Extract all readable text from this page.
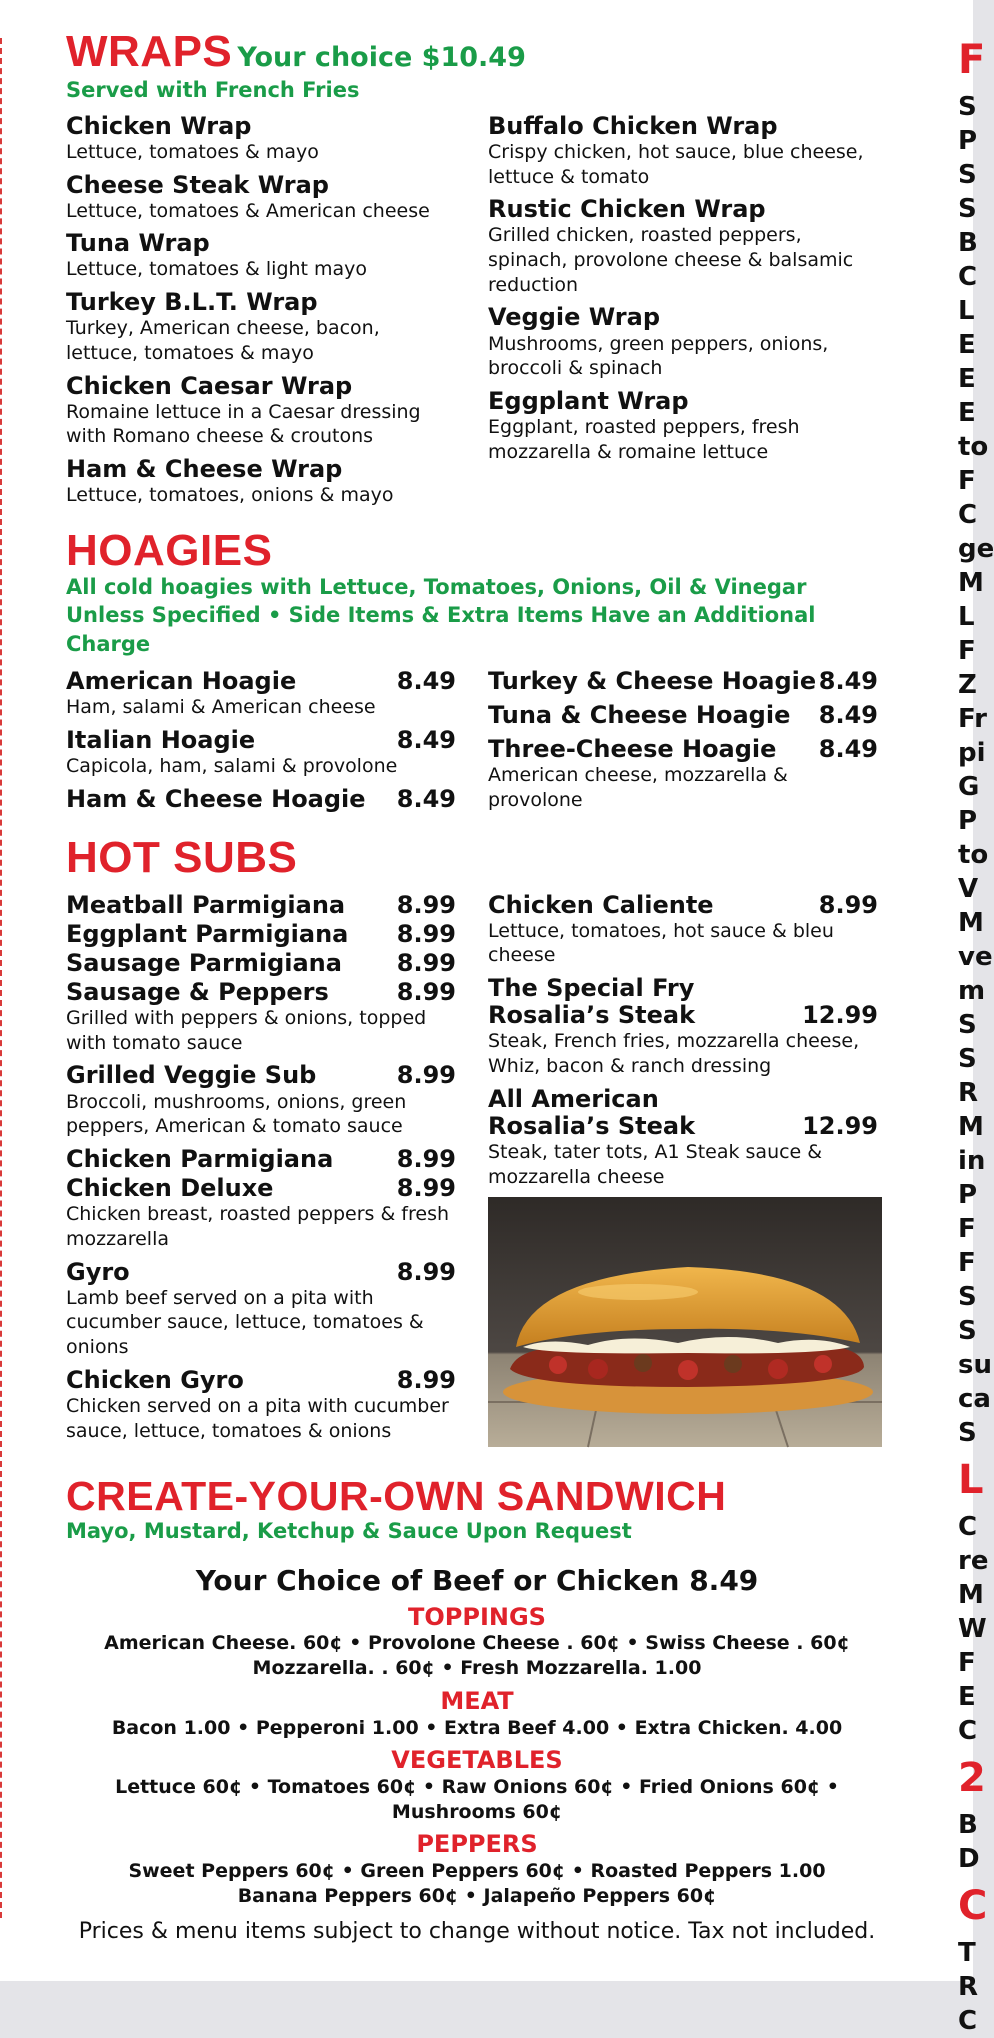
WRAPS Your choice $10.49
Served with French Fries
Chicken Wrap
Lettuce, tomatoes & mayo
Cheese Steak Wrap
Lettuce, tomatoes & American cheese
Tuna Wrap
Lettuce, tomatoes & light mayo
Turkey B.L.T. Wrap
Turkey, American cheese, bacon, lettuce, tomatoes & mayo
Chicken Caesar Wrap
Romaine lettuce in a Caesar dressing with Romano cheese & croutons
Ham & Cheese Wrap
Lettuce, tomatoes, onions & mayo
Buffalo Chicken Wrap
Crispy chicken, hot sauce, blue cheese, lettuce & tomato
Rustic Chicken Wrap
Grilled chicken, roasted peppers, spinach, provolone cheese & balsamic reduction
Veggie Wrap
Mushrooms, green peppers, onions, broccoli & spinach
Eggplant Wrap
Eggplant, roasted peppers, fresh mozzarella & romaine lettuce
HOAGIES
All cold hoagies with Lettuce, Tomatoes, Onions, Oil & Vinegar Unless Specified • Side Items & Extra Items Have an Additional Charge
American Hoagie	8.49
Ham, salami & American cheese
Italian Hoagie	8.49
Capicola, ham, salami & provolone
Ham & Cheese Hoagie 8.49
Turkey & Cheese Hoagie 8.49
Tuna & Cheese Hoagie 8.49
Three-Cheese Hoagie 8.49
American cheese, mozzarella & provolone
HOT SUBS
Meatball Parmigiana 8.99
Eggplant Parmigiana 8.99
Sausage Parmigiana 8.99
Sausage & Peppers	8.99
Grilled with peppers & onions, topped with tomato sauce
Grilled Veggie Sub	8.99
Broccoli, mushrooms, onions, green peppers, American & tomato sauce
Chicken Parmigiana	8.99
Chicken Deluxe	8.99
Chicken breast, roasted peppers & fresh mozzarella
Gyro	8.99
Lamb beef served on a pita with cucumber sauce, lettuce, tomatoes & onions
Chicken Gyro	8.99
Chicken served on a pita with cucumber sauce, lettuce, tomatoes & onions
Chicken Caliente	8.99
Lettuce, tomatoes, hot sauce & bleu cheese
The Special Fry Rosalia’s Steak	12.99
Steak, French fries, mozzarella cheese, Whiz, bacon & ranch dressing
All American Rosalia’s Steak	12.99
Steak, tater tots, A1 Steak sauce & mozzarella cheese
CREATE-YOUR-OWN SANDWICH
Mayo, Mustard, Ketchup & Sauce Upon Request
Your Choice of Beef or Chicken 8.49
TOPPINGS
American Cheese. 60¢ • Provolone Cheese . 60¢ • Swiss Cheese . 60¢
Mozzarella. . 60¢ • Fresh Mozzarella. 1.00
MEAT
Bacon 1.00 • Pepperoni 1.00 • Extra Beef 4.00 • Extra Chicken. 4.00
VEGETABLES
Lettuce 60¢ • Tomatoes 60¢ • Raw Onions 60¢ • Fried Onions 60¢ • Mushrooms 60¢
PEPPERS
Sweet Peppers 60¢ • Green Peppers 60¢ • Roasted Peppers 1.00
Banana Peppers 60¢ • Jalapeño Peppers 60¢
Prices & menu items subject to change without notice. Tax not included.
F
S
P
S
S
B
C
L
E
E
E
to
F
C
ge
M
L
F
Z
Fr
pi
G
P
to
V
M
ve
m
S
S
R
M
in
P
F
F
S
S
su
ca
S
L
C
re
M
W
F
E
C
2
B
D
C
T
R
C
